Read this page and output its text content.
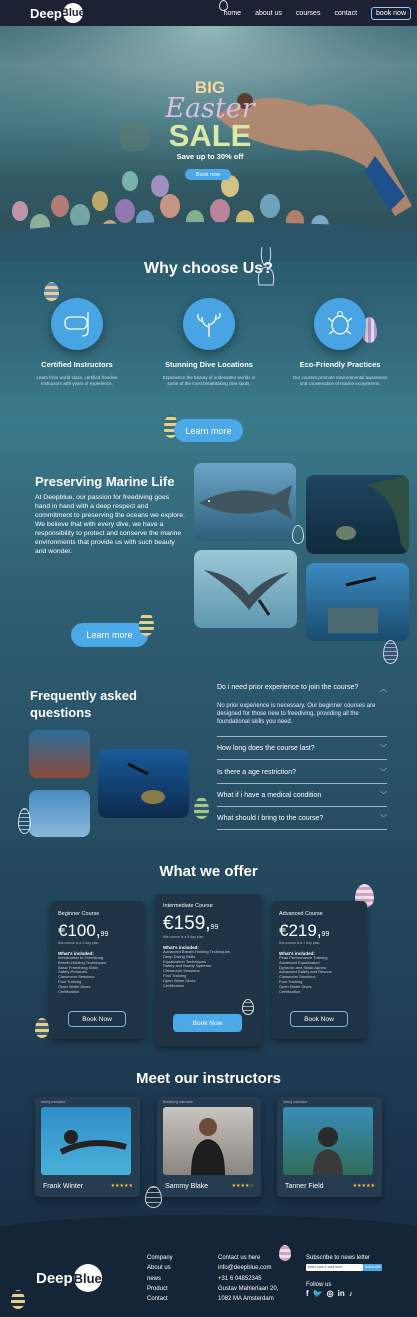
Deep Blue	home about us courses contact	book now
BIG
Easter
SALE
Save up to 30% off
Book now
Why choose Us?
Certified Instructors
Learn from world-class, certified freedive instructors with years of experience.
Stunning Dive Locations
Experience the beauty of underwater worlds in some of the most breathtaking dive spots.
Eco-Friendly Practices
Our courses promote environmental awareness and conservation of marine ecosystems.
Learn more
Preserving Marine Life

At Deepblue, our passion for freediving goes hand in hand with a deep respect and commitment to preserving the oceans we explore. We believe that with every dive, we have a responsibility to protect and conserve the marine environments that provide us with such beauty and wonder.

Learn more
Frequently asked questions
Do i need prior experience to join the course?	︿
No prior experience is necessary. Our beginner courses are designed for those new to freediving, providing all the foundational skills you need.
How long does the course last?	﹀
Is there a age restriction?	﹀
What if i have a medical condition	﹀
What should i bring to the course?	﹀
What we offer
Beginner Course
€100,99
this course is a 3 day plan
What's included:
Introduction to Freediving
Breath-Holding Techniques
Basic Freediving Skills
Safety Protocols
Classroom Sessions
Pool Training
Open Water Dives
Certification
Book Now
Intermediate Course
€159,99
this course is a 5 day plan
What's included:
Advanced Breath-Holding Techniques
Deep Diving Skills
Equalization Techniques
Safety and Buddy Systems
Classroom Sessions
Pool Training
Open Water Dives
Certification
Book Now
Advanced Course
€219,99
this course is a 7 day plan
What's included:
Peak Performance Training
Advanced Equalization
Dynamic and Static Apnea
Advanced Safety and Rescue
Classroom Sessions
Pool Training
Open Water Dives
Certification
Book Now
Meet our instructors
diving instructor
Frank Winter	★★★★★
Breathing instructor
Sammy Blake	★★★★☆
diving instructor
Tanner Field	★★★★★
Deep Blue
Company
About us
news
Product
Contact
Contact us here
info@deepblue.com
+31 6 04852345
Gustav Mahlerlaan 20,
1082 MA Amsterdam
Subscribe to news letter
enter your e-mail here	Subscribe
Follow us
f 🐦 ◎ in ♪
